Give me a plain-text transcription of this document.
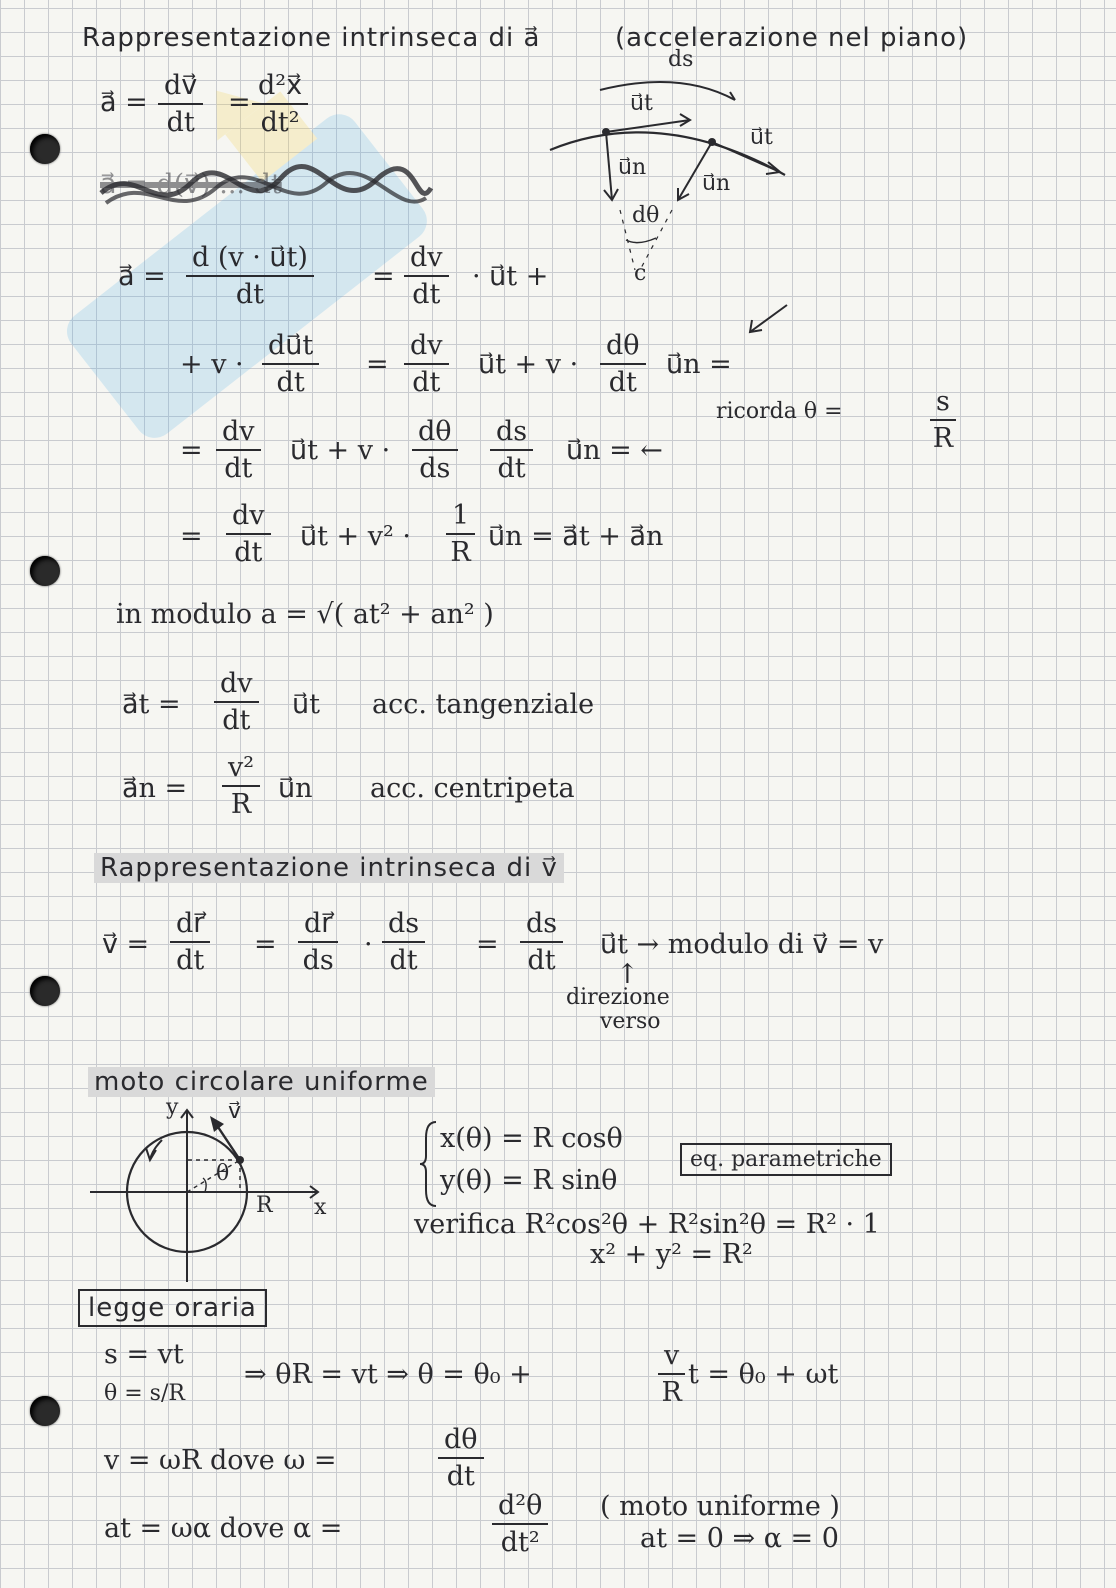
Rappresentazione intrinseca di a⃗	(accelerazione nel piano)
ds
u⃗t
u⃗t
u⃗n
u⃗n
dθ
c
a⃗ = $\frac{dv⃗}{dt} = \frac{\text{d²x⃗}}{\text{dt²}}$
a⃗ = d(v⃗) ... dt
a⃗ = $\frac{d (v \cdot u⃗t)}{dt} = \frac{dv}{dt}$ · u⃗t +
+ $v \cdot \frac{du⃗t}{dt} = \frac{dv}{dt}$ u⃗t + $v \cdot \frac{d\theta}{dt}$ u⃗n =
= $\frac{dv}{dt}$ u⃗t + $v \cdot \frac{d\theta}{ds} \frac{ds}{dt}$ u⃗n = ←
ricorda θ =	$\frac{s}{R}$
= $\frac{dv}{dt}$ u⃗t + $v^2 \cdot \frac{1}{R}$ u⃗n = a⃗t + a⃗n
in modulo a = √( at² + an² )
a⃗t = $\frac{dv}{dt}$ u⃗t acc. tangenziale
a⃗n = $\frac{\text{v²}}{R}$ u⃗n acc. centripeta
Rappresentazione intrinseca di v⃗
v⃗ = $\frac{dr⃗}{dt} = \frac{dr⃗}{ds} \cdot \frac{ds}{dt} = \frac{ds}{dt}$ u⃗t → modulo di v⃗ = v
↑
direzione
verso
moto circolare uniforme
y
x
R
θ
v⃗
x(θ) = R cosθ
y(θ) = R sinθ
eq. parametriche
verifica R²cos²θ + R²sin²θ = R² · 1
x² + y² = R²
legge oraria
s = vt
θ = s/R
⇒ θR = vt ⇒ θ = θ₀ +	$\frac{v}{R}$ t = θ₀ + ωt
v = ωR dove ω =	$\frac{d\theta}{dt}$
at = ωα dove α =	$\frac{\text{d²θ}}{\text{dt²}}$ ( moto uniforme )
at = 0 ⇒ α = 0
